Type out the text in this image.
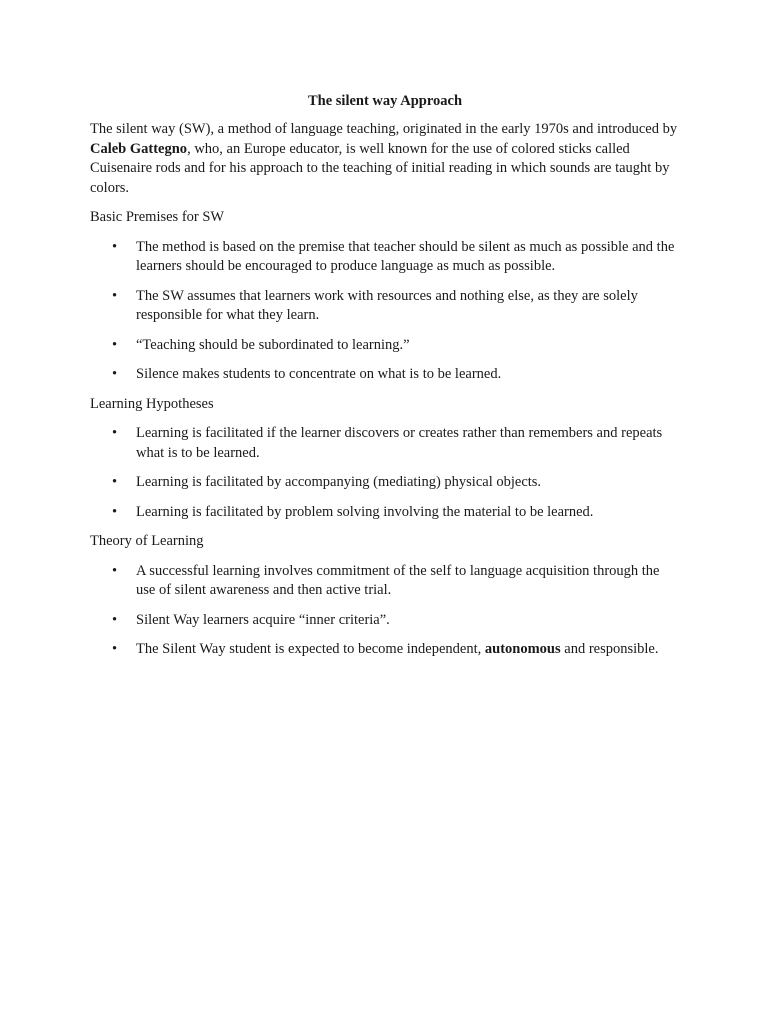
The silent way Approach

The silent way (SW), a method of language teaching, originated in the early 1970s and introduced by Caleb Gattegno, who, an Europe educator, is well known for the use of colored sticks called Cuisenaire rods and for his approach to the teaching of initial reading in which sounds are taught by colors.

Basic Premises for SW

• The method is based on the premise that teacher should be silent as much as possible and the learners should be encouraged to produce language as much as possible.
• The SW assumes that learners work with resources and nothing else, as they are solely responsible for what they learn.
• “Teaching should be subordinated to learning.”
• Silence makes students to concentrate on what is to be learned.

Learning Hypotheses

• Learning is facilitated if the learner discovers or creates rather than remembers and repeats what is to be learned.
• Learning is facilitated by accompanying (mediating) physical objects.
• Learning is facilitated by problem solving involving the material to be learned.

Theory of Learning

• A successful learning involves commitment of the self to language acquisition through the use of silent awareness and then active trial.
• Silent Way learners acquire “inner criteria”.
• The Silent Way student is expected to become independent, autonomous and responsible.
